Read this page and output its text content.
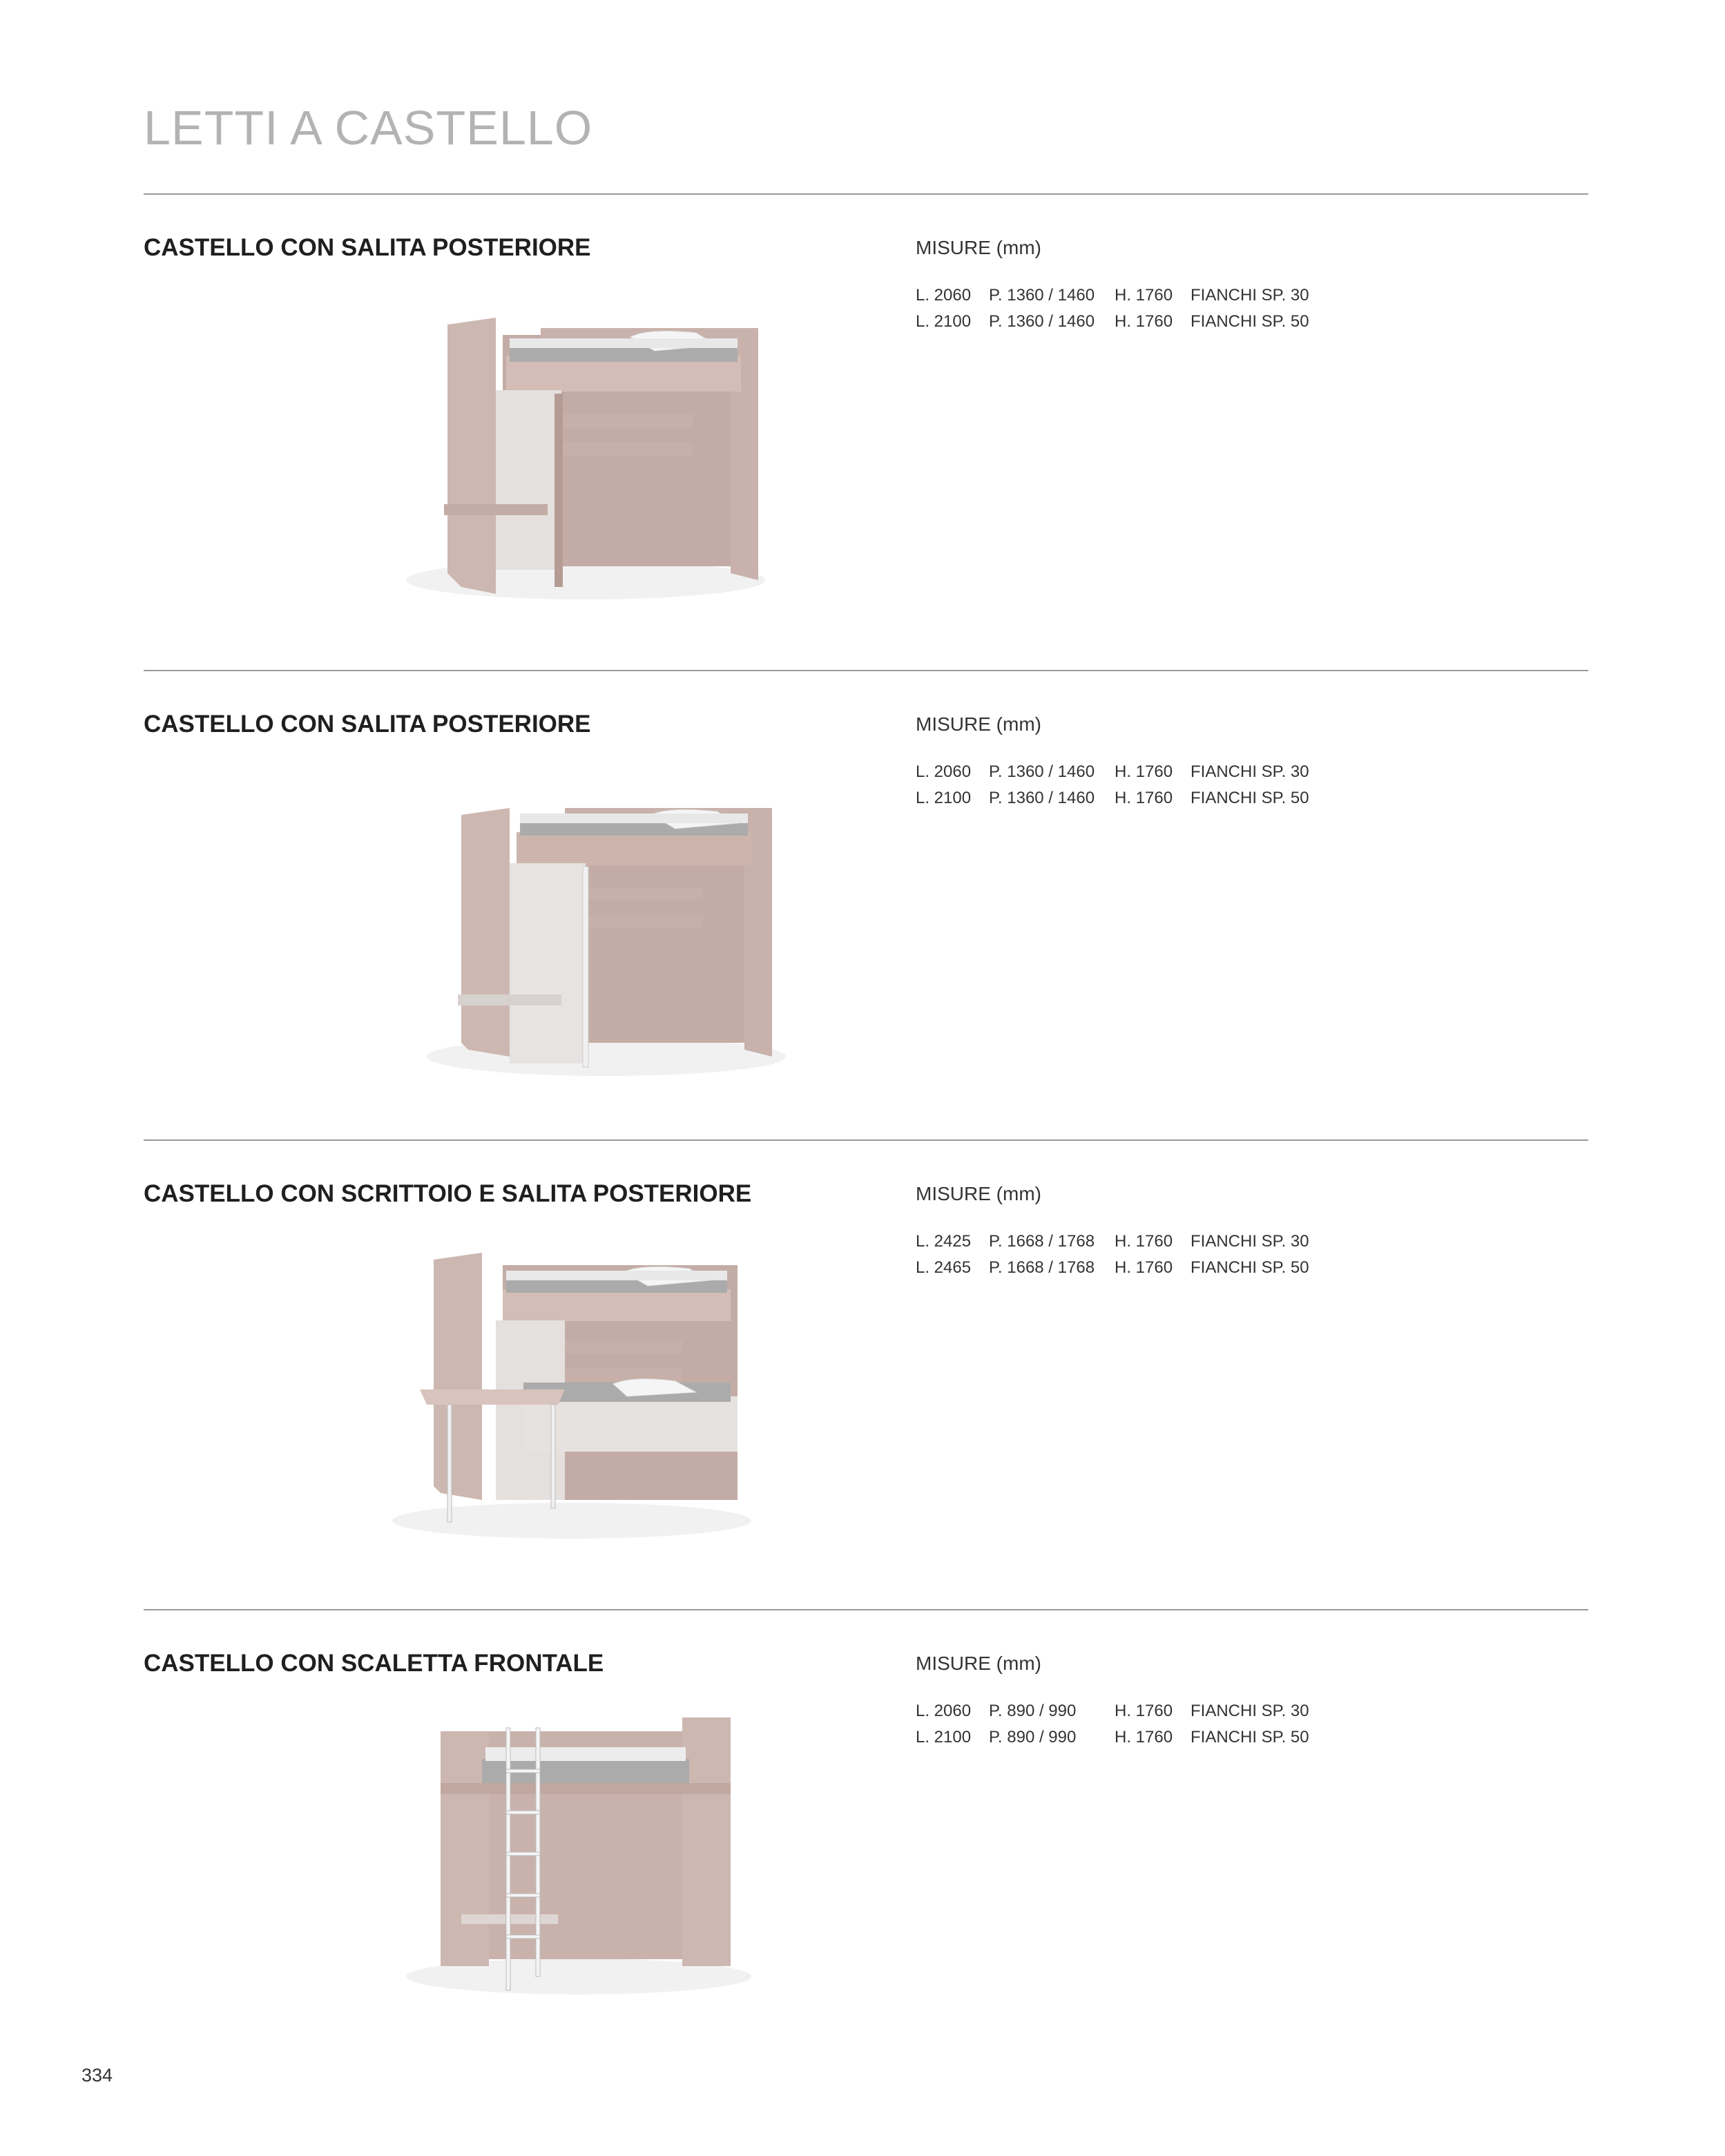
LETTI A CASTELLO
CASTELLO CON SALITA POSTERIORE	MISURE (mm)
L. 2060 P. 1360 / 1460 H. 1760 FIANCHI SP. 30
L. 2100 P. 1360 / 1460 H. 1760 FIANCHI SP. 50
CASTELLO CON SALITA POSTERIORE	MISURE (mm)
L. 2060 P. 1360 / 1460 H. 1760 FIANCHI SP. 30
L. 2100 P. 1360 / 1460 H. 1760 FIANCHI SP. 50
CASTELLO CON SCRITTOIO E SALITA POSTERIORE	MISURE (mm)
L. 2425 P. 1668 / 1768 H. 1760 FIANCHI SP. 30
L. 2465 P. 1668 / 1768 H. 1760 FIANCHI SP. 50
CASTELLO CON SCALETTA FRONTALE	MISURE (mm)
L. 2060 P. 890 / 990 H. 1760 FIANCHI SP. 30
L. 2100 P. 890 / 990 H. 1760 FIANCHI SP. 50
334
